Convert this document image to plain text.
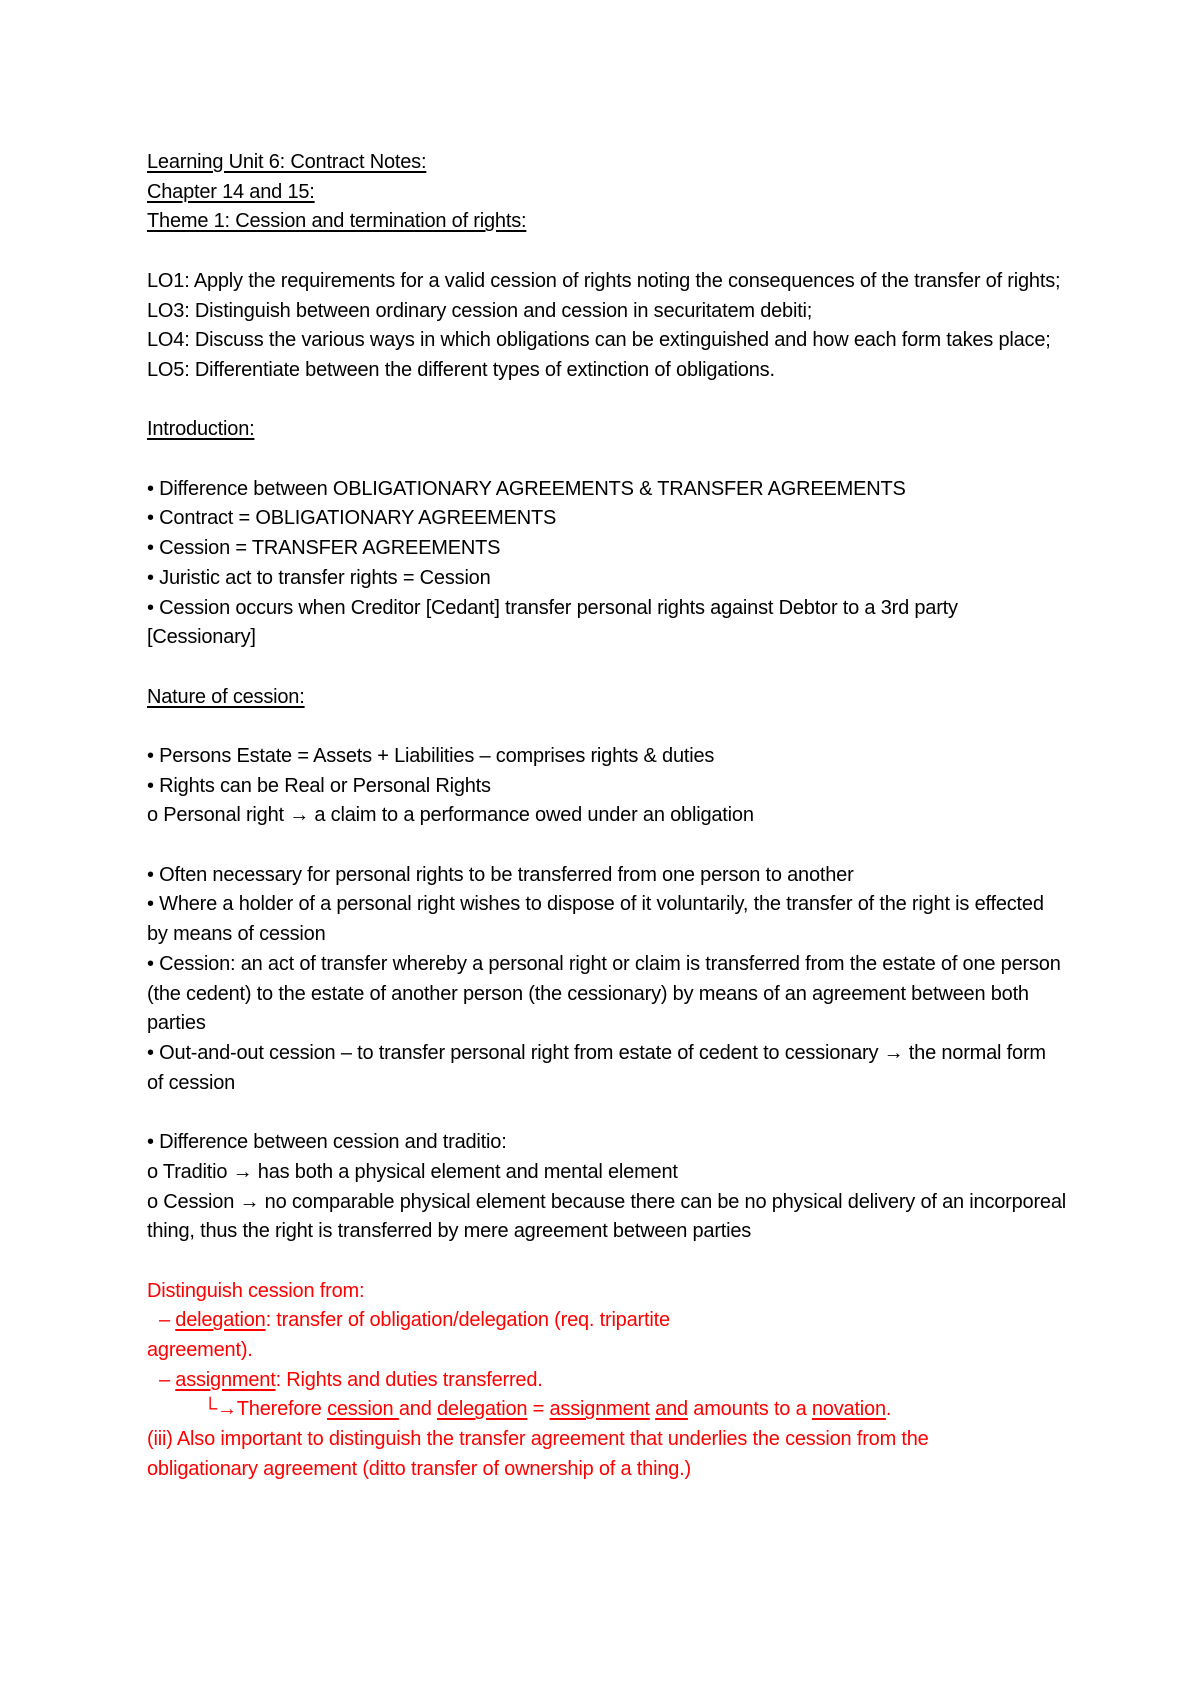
Learning Unit 6: Contract Notes:
Chapter 14 and 15:
Theme 1: Cession and termination of rights:
LO1: Apply the requirements for a valid cession of rights noting the consequences of the transfer of rights;
LO3: Distinguish between ordinary cession and cession in securitatem debiti;
LO4: Discuss the various ways in which obligations can be extinguished and how each form takes place;
LO5: Differentiate between the different types of extinction of obligations.
Introduction:
• Difference between OBLIGATIONARY AGREEMENTS & TRANSFER AGREEMENTS
• Contract = OBLIGATIONARY AGREEMENTS
• Cession = TRANSFER AGREEMENTS
• Juristic act to transfer rights = Cession
• Cession occurs when Creditor [Cedant] transfer personal rights against Debtor to a 3rd party [Cessionary]
Nature of cession:
• Persons Estate = Assets + Liabilities – comprises rights & duties
• Rights can be Real or Personal Rights
o Personal right → a claim to a performance owed under an obligation
• Often necessary for personal rights to be transferred from one person to another
• Where a holder of a personal right wishes to dispose of it voluntarily, the transfer of the right is effected by means of cession
• Cession: an act of transfer whereby a personal right or claim is transferred from the estate of one person (the cedent) to the estate of another person (the cessionary) by means of an agreement between both parties
• Out-and-out cession – to transfer personal right from estate of cedent to cessionary → the normal form of cession
• Difference between cession and traditio:
o Traditio → has both a physical element and mental element
o Cession → no comparable physical element because there can be no physical delivery of an incorporeal thing, thus the right is transferred by mere agreement between parties
Distinguish cession from:
– delegation: transfer of obligation/delegation (req. tripartite
agreement).
– assignment: Rights and duties transferred.
└→Therefore cession and delegation = assignment and amounts to a novation.
(iii) Also important to distinguish the transfer agreement that underlies the cession from the
obligationary agreement (ditto transfer of ownership of a thing.)
